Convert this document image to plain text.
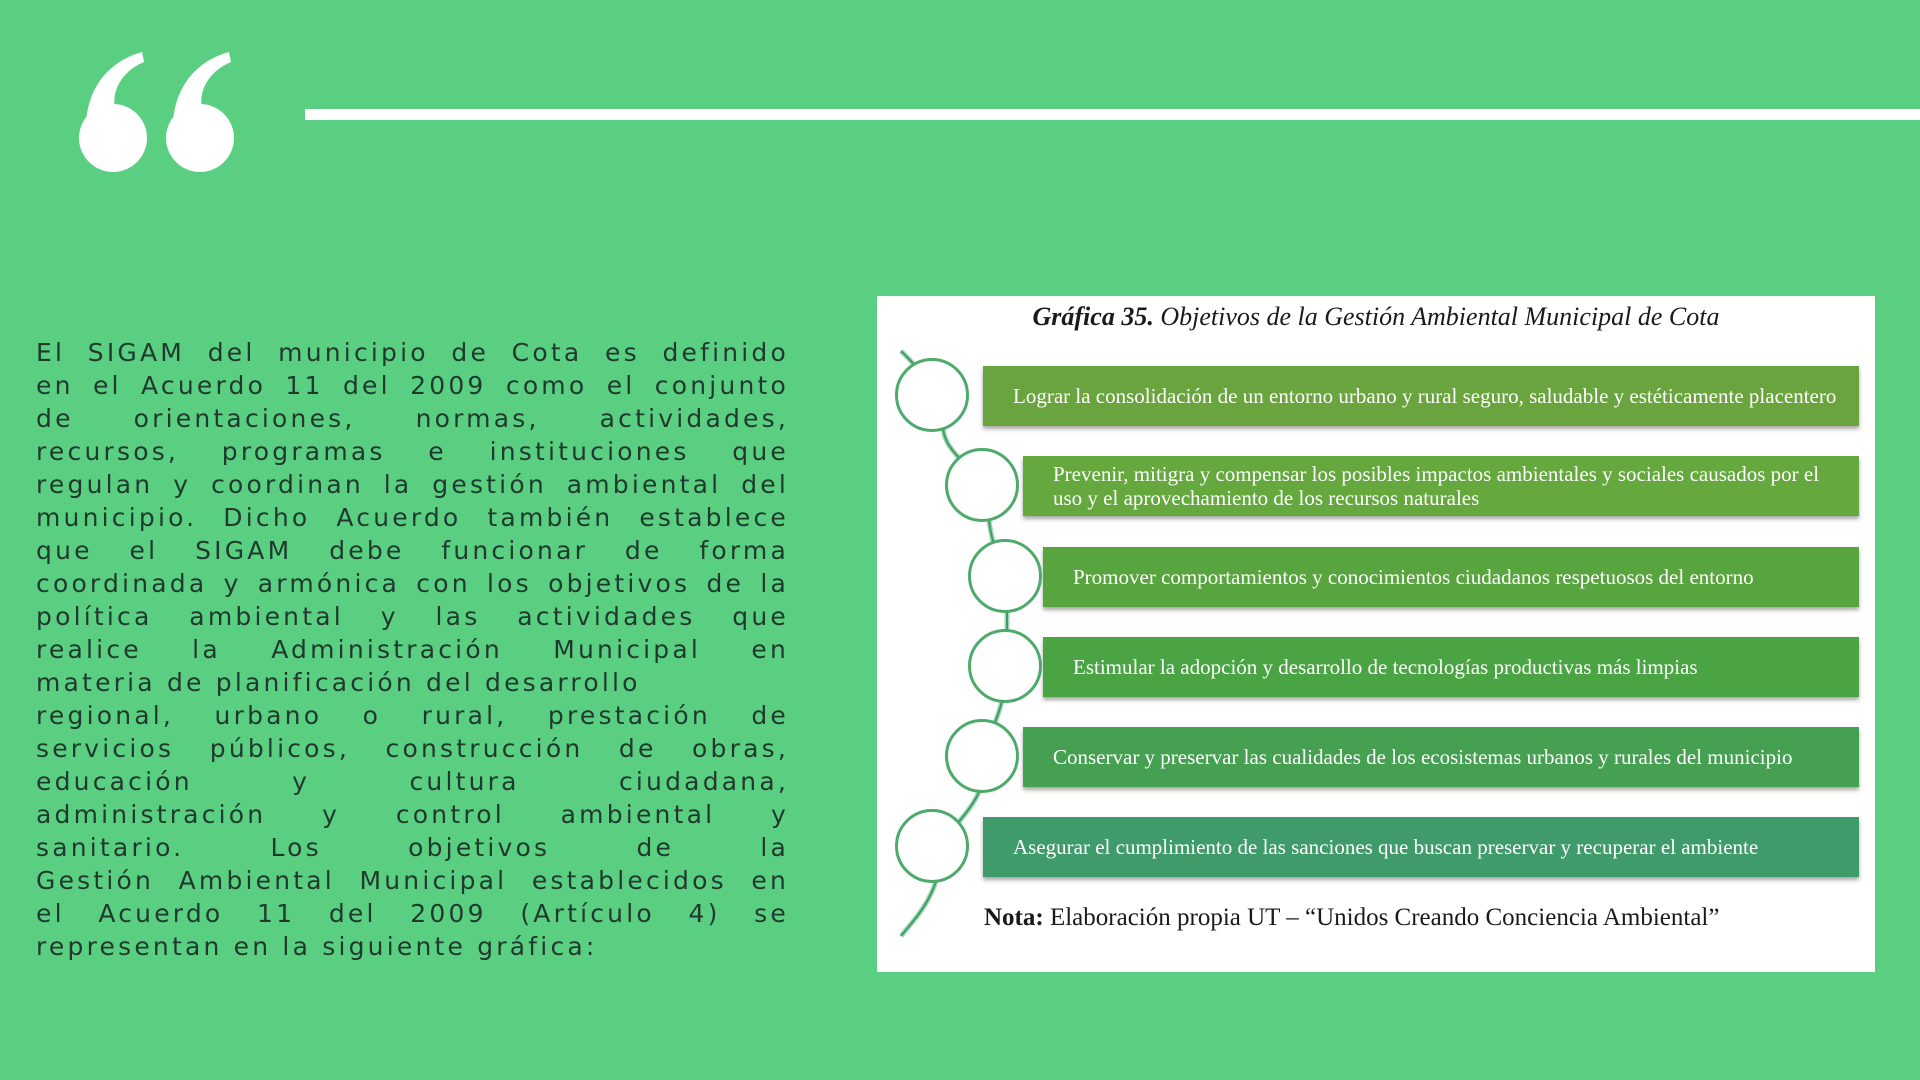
El SIGAM del municipio de Cota es definido
en el Acuerdo 11 del 2009 como el conjunto
de orientaciones, normas, actividades,
recursos, programas e instituciones que
regulan y coordinan la gestión ambiental del
municipio. Dicho Acuerdo también establece
que el SIGAM debe funcionar de forma
coordinada y armónica con los objetivos de la
política ambiental y las actividades que
realice la Administración Municipal en
materia de planificación del desarrollo
regional, urbano o rural, prestación de
servicios públicos, construcción de obras,
educación y cultura ciudadana,
administración y control ambiental y
sanitario. Los objetivos de la
Gestión Ambiental Municipal establecidos en
el Acuerdo 11 del 2009 (Artículo 4) se
representan en la siguiente gráfica:

Gráfica 35. Objetivos de la Gestión Ambiental Municipal de Cota

Lograr la consolidación de un entorno urbano y rural seguro, saludable y estéticamente placentero
Prevenir, mitigra y compensar los posibles impactos ambientales y sociales causados por el uso y el aprovechamiento de los recursos naturales
Promover comportamientos y conocimientos ciudadanos respetuosos del entorno
Estimular la adopción y desarrollo de tecnologías productivas más limpias
Conservar y preservar las cualidades de los ecosistemas urbanos y rurales del municipio
Asegurar el cumplimiento de las sanciones que buscan preservar y recuperar el ambiente

Nota: Elaboración propia UT – “Unidos Creando Conciencia Ambiental”
